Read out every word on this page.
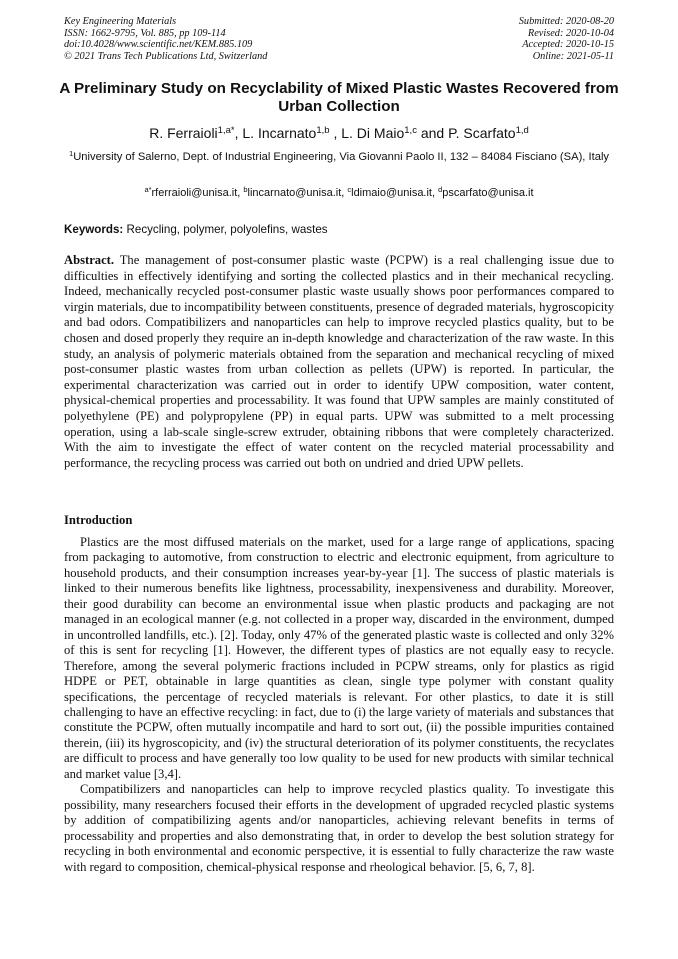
Key Engineering Materials
ISSN: 1662-9795, Vol. 885, pp 109-114
doi:10.4028/www.scientific.net/KEM.885.109
© 2021 Trans Tech Publications Ltd, Switzerland
Submitted: 2020-08-20
Revised: 2020-10-04
Accepted: 2020-10-15
Online: 2021-05-11
A Preliminary Study on Recyclability of Mixed Plastic Wastes Recovered from Urban Collection
R. Ferraioli$^{1,a*}$, L. Incarnato$^{1,b}$ , L. Di Maio$^{1,c}$ and P. Scarfato$^{1,d}$
$^1$University of Salerno, Dept. of Industrial Engineering, Via Giovanni Paolo II, 132 – 84084 Fisciano (SA), Italy
$^{a*}$rferraioli@unisa.it, $^b$lincarnato@unisa.it, $^c$ldimaio@unisa.it, $^d$pscarfato@unisa.it
Keywords: Recycling, polymer, polyolefins, wastes
Abstract. The management of post-consumer plastic waste (PCPW) is a real challenging issue due to difficulties in effectively identifying and sorting the collected plastics and in their mechanical recycling. Indeed, mechanically recycled post-consumer plastic waste usually shows poor performances compared to virgin materials, due to incompatibility between constituents, presence of degraded materials, hygroscopicity and bad odors. Compatibilizers and nanoparticles can help to improve recycled plastics quality, but to be chosen and dosed properly they require an in-depth knowledge and characterization of the raw waste. In this study, an analysis of polymeric materials obtained from the separation and mechanical recycling of mixed post-consumer plastic wastes from urban collection as pellets (UPW) is reported. In particular, the experimental characterization was carried out in order to identify UPW composition, water content, physical-chemical properties and processability. It was found that UPW samples are mainly constituted of polyethylene (PE) and polypropylene (PP) in equal parts. UPW was submitted to a melt processing operation, using a lab-scale single-screw extruder, obtaining ribbons that were completely characterized. With the aim to investigate the effect of water content on the recycled material processability and performance, the recycling process was carried out both on undried and dried UPW pellets.
Introduction

Plastics are the most diffused materials on the market, used for a large range of applications, spacing from packaging to automotive, from construction to electric and electronic equipment, from agriculture to household products, and their consumption increases year-by-year [1]. The success of plastic materials is linked to their numerous benefits like lightness, processability, inexpensiveness and durability. Moreover, their good durability can become an environmental issue when plastic products and packaging are not managed in an ecological manner (e.g. not collected in a proper way, discarded in the environment, dumped in uncontrolled landfills, etc.). [2]. Today, only 47% of the generated plastic waste is collected and only 32% of this is sent for recycling [1]. However, the different types of plastics are not equally easy to recycle. Therefore, among the several polymeric fractions included in PCPW streams, only for plastics as rigid HDPE or PET, obtainable in large quantities as clean, single type polymer with constant quality specifications, the percentage of recycled materials is relevant. For other plastics, to date it is still challenging to have an effective recycling: in fact, due to (i) the large variety of materials and substances that constitute the PCPW, often mutually incompatile and hard to sort out, (ii) the possible impurities contained therein, (iii) its hygroscopicity, and (iv) the structural deterioration of its polymer constituents, the recyclates are difficult to process and have generally too low quality to be used for new products with similar technical and market value [3,4].

Compatibilizers and nanoparticles can help to improve recycled plastics quality. To investigate this possibility, many researchers focused their efforts in the development of upgraded recycled plastic systems by addition of compatibilizing agents and/or nanoparticles, achieving relevant benefits in terms of processability and properties and also demonstrating that, in order to develop the best solution strategy for recycling in both environmental and economic perspective, it is essential to fully characterize the raw waste with regard to composition, chemical-physical response and rheological behavior. [5, 6, 7, 8].
